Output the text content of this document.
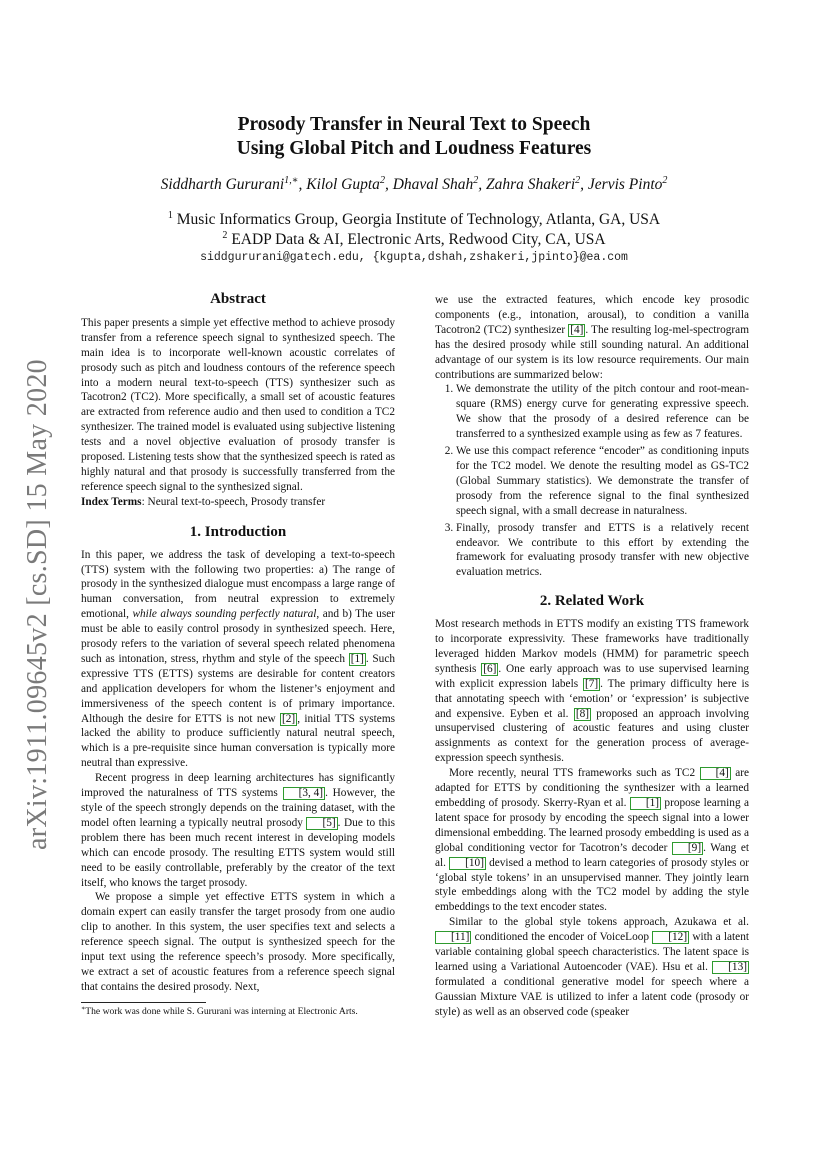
arXiv:1911.09645v2 [cs.SD] 15 May 2020
Prosody Transfer in Neural Text to Speech
Using Global Pitch and Loudness Features
Siddharth Gururani$^{1,∗}$, Kilol Gupta$^2$, Dhaval Shah$^2$, Zahra Shakeri$^2$, Jervis Pinto$^2$
$^1$ Music Informatics Group, Georgia Institute of Technology, Atlanta, GA, USA
$^2$ EADP Data & AI, Electronic Arts, Redwood City, CA, USA
siddgururani@gatech.edu, {kgupta,dshah,zshakeri,jpinto}@ea.com
Abstract

This paper presents a simple yet effective method to achieve prosody transfer from a reference speech signal to synthesized speech. The main idea is to incorporate well-known acoustic correlates of prosody such as pitch and loudness contours of the reference speech into a modern neural text-to-speech (TTS) synthesizer such as Tacotron2 (TC2). More specifically, a small set of acoustic features are extracted from reference audio and then used to condition a TC2 synthesizer. The trained model is evaluated using subjective listening tests and a novel objective evaluation of prosody transfer is proposed. Listening tests show that the synthesized speech is rated as highly natural and that prosody is successfully transferred from the reference speech signal to the synthesized signal.

Index Terms: Neural text-to-speech, Prosody transfer

1. Introduction

In this paper, we address the task of developing a text-to-speech (TTS) system with the following two properties: a) The range of prosody in the synthesized dialogue must encompass a large range of human conversation, from neutral expression to extremely emotional, while always sounding perfectly natural, and b) The user must be able to easily control prosody in synthesized speech. Here, prosody refers to the variation of several speech related phenomena such as intonation, stress, rhythm and style of the speech [1] . Such expressive TTS (ETTS) systems are desirable for content creators and application developers for whom the listener’s enjoyment and immersiveness of the speech content is of primary importance. Although the desire for ETTS is not new [2] , initial TTS systems lacked the ability to produce sufficiently natural neutral speech, which is a pre-requisite since human conversation is typically more neutral than expressive.

Recent progress in deep learning architectures has significantly improved the naturalness of TTS systems [3, 4] . However, the style of the speech strongly depends on the training dataset, with the model often learning a typically neutral prosody [5] . Due to this problem there has been much recent interest in developing models which can encode prosody. The resulting ETTS system would still need to be easily controllable, preferably by the creator of the text itself, who knows the target prosody.

We propose a simple yet effective ETTS system in which a domain expert can easily transfer the target prosody from one audio clip to another. In this system, the user specifies text and selects a reference speech signal. The output is synthesized speech for the input text using the reference speech’s prosody. More specifically, we extract a set of acoustic features from a reference speech signal that contains the desired prosody. Next,

∗The work was done while S. Gururani was interning at Electronic Arts.

we use the extracted features, which encode key prosodic components (e.g., intonation, arousal), to condition a vanilla Tacotron2 (TC2) synthesizer [4] . The resulting log-mel-spectrogram has the desired prosody while still sounding natural. An additional advantage of our system is its low resource requirements. Our main contributions are summarized below:

1. We demonstrate the utility of the pitch contour and root-mean-square (RMS) energy curve for generating expressive speech. We show that the prosody of a desired reference can be transferred to a synthesized example using as few as 7 features.
2. We use this compact reference “encoder” as conditioning inputs for the TC2 model. We denote the resulting model as GS-TC2 (Global Summary statistics). We demonstrate the transfer of prosody from the reference signal to the final synthesized speech signal, with a small decrease in naturalness.
3. Finally, prosody transfer and ETTS is a relatively recent endeavor. We contribute to this effort by extending the framework for evaluating prosody transfer with new objective evaluation metrics.
2. Related Work

Most research methods in ETTS modify an existing TTS framework to incorporate expressivity. These frameworks have traditionally leveraged hidden Markov models (HMM) for parametric speech synthesis [6] . One early approach was to use supervised learning with explicit expression labels [7] . The primary difficulty here is that annotating speech with ‘emotion’ or ‘expression’ is subjective and expensive. Eyben et al. [8] proposed an approach involving unsupervised clustering of acoustic features and using cluster assignments as context for the generation process of average-expression speech synthesis.

More recently, neural TTS frameworks such as TC2 [4] are adapted for ETTS by conditioning the synthesizer with a learned embedding of prosody. Skerry-Ryan et al. [1] propose learning a latent space for prosody by encoding the speech signal into a lower dimensional embedding. The learned prosody embedding is used as a global conditioning vector for Tacotron’s decoder [9] . Wang et al. [10] devised a method to learn categories of prosody styles or ‘global style tokens’ in an unsupervised manner. They jointly learn style embeddings along with the TC2 model by adding the style embeddings to the text encoder states.

Similar to the global style tokens approach, Azukawa et al. [11] conditioned the encoder of VoiceLoop [12] with a latent variable containing global speech characteristics. The latent space is learned using a Variational Autoencoder (VAE). Hsu et al. [13] formulated a conditional generative model for speech where a Gaussian Mixture VAE is utilized to infer a latent code (prosody or style) as well as an observed code (speaker
